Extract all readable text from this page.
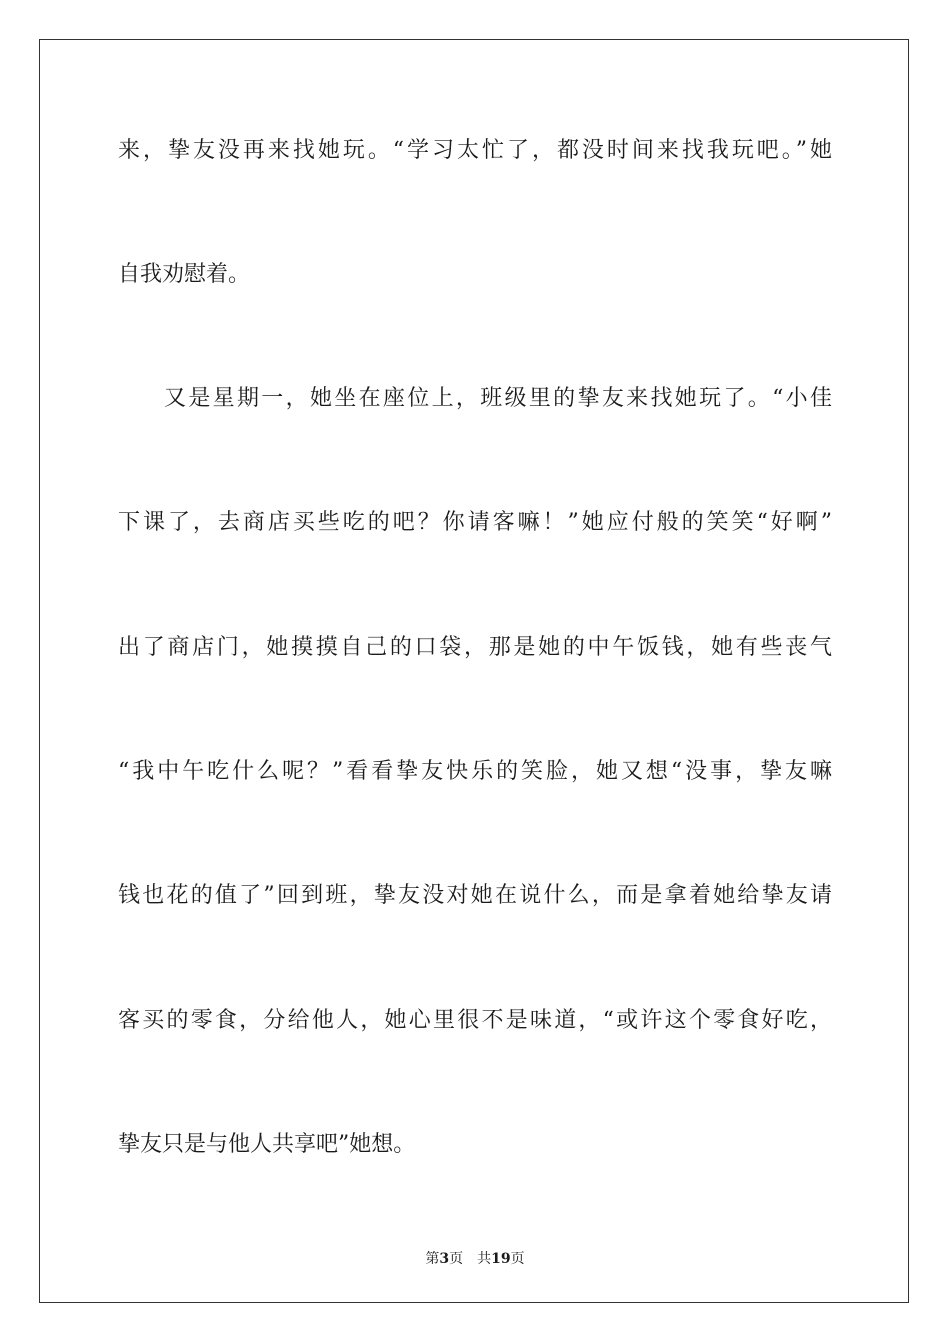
来，挚友没再来找她玩。“学习太忙了，都没时间来找我玩吧。”她
自我劝慰着。
又是星期一，她坐在座位上，班级里的挚友来找她玩了。“小佳
下课了，去商店买些吃的吧？你请客嘛！”她应付般的笑笑“好啊”
出了商店门，她摸摸自己的口袋，那是她的中午饭钱，她有些丧气
“我中午吃什么呢？”看看挚友快乐的笑脸，她又想“没事，挚友嘛
钱也花的值了”回到班，挚友没对她在说什么，而是拿着她给挚友请
客买的零食，分给他人，她心里很不是味道，“或许这个零食好吃，
挚友只是与他人共享吧”她想。
第3页 共19页
